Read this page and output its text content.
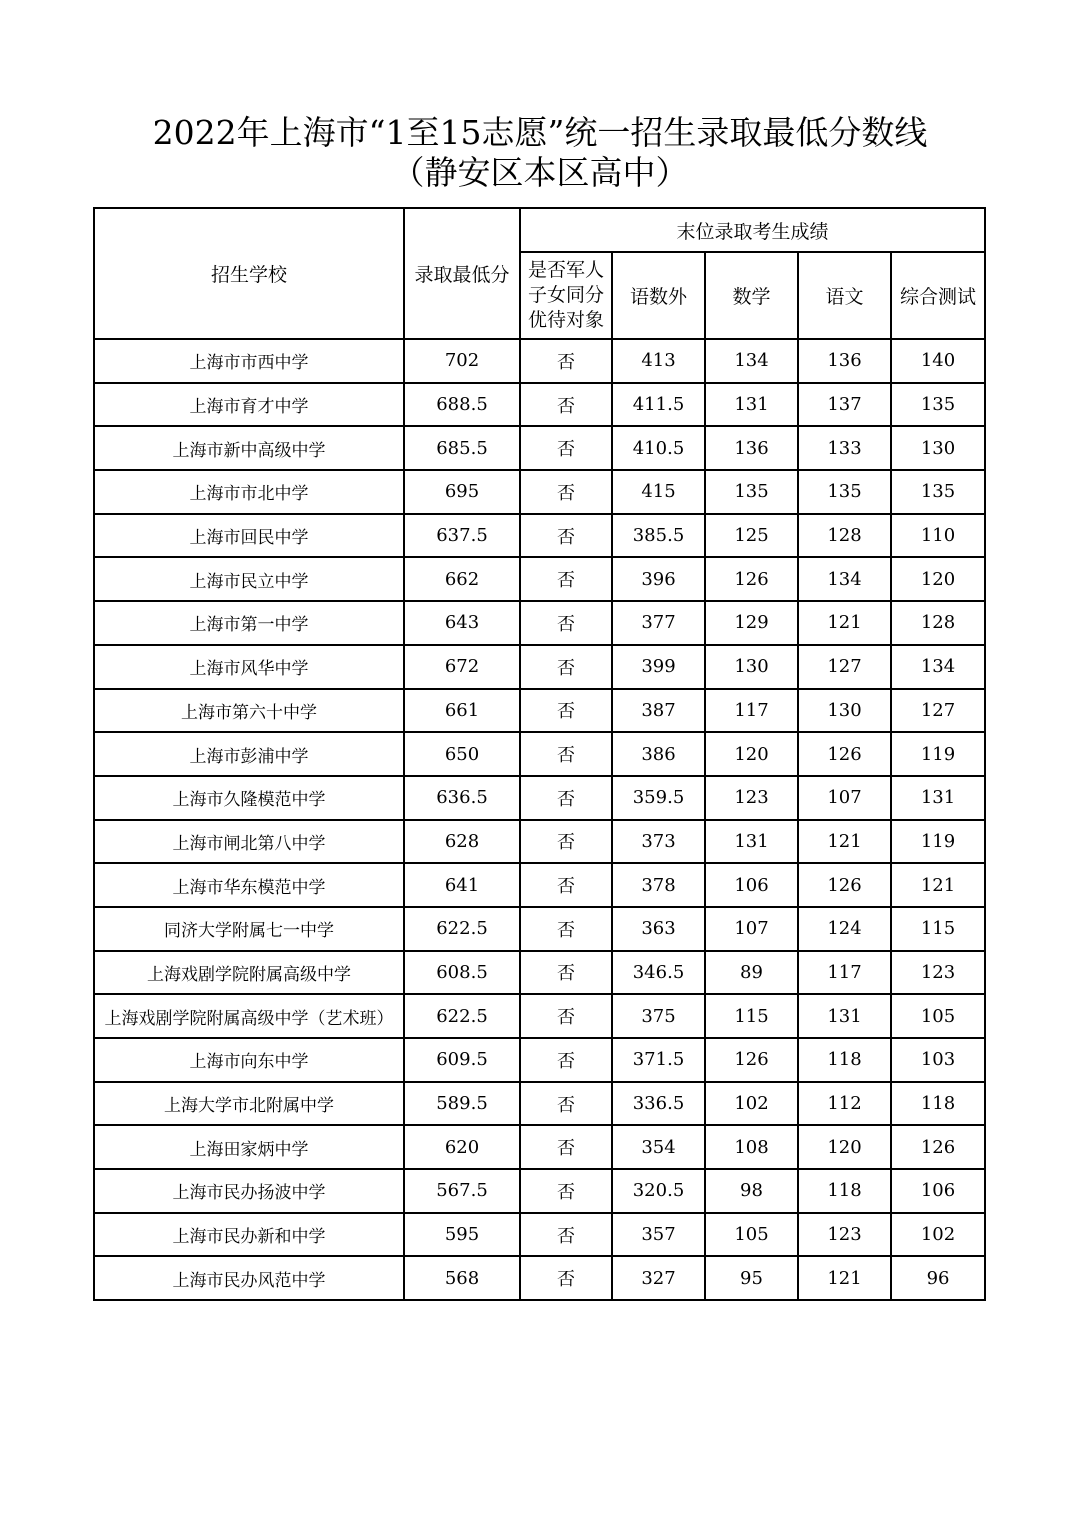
2022年上海市“1至15志愿”统一招生录取最低分数线
（静安区本区高中）
招生学校	录取最低分	末位录取考生成绩				
		是否军人子女同分优待对象	语数外	数学	语文	综合测试
上海市市西中学	702	否	413	134	136	140
上海市育才中学	688.5	否	411.5	131	137	135
上海市新中高级中学	685.5	否	410.5	136	133	130
上海市市北中学	695	否	415	135	135	135
上海市回民中学	637.5	否	385.5	125	128	110
上海市民立中学	662	否	396	126	134	120
上海市第一中学	643	否	377	129	121	128
上海市风华中学	672	否	399	130	127	134
上海市第六十中学	661	否	387	117	130	127
上海市彭浦中学	650	否	386	120	126	119
上海市久隆模范中学	636.5	否	359.5	123	107	131
上海市闸北第八中学	628	否	373	131	121	119
上海市华东模范中学	641	否	378	106	126	121
同济大学附属七一中学	622.5	否	363	107	124	115
上海戏剧学院附属高级中学	608.5	否	346.5	89	117	123
上海戏剧学院附属高级中学（艺术班）	622.5	否	375	115	131	105
上海市向东中学	609.5	否	371.5	126	118	103
上海大学市北附属中学	589.5	否	336.5	102	112	118
上海田家炳中学	620	否	354	108	120	126
上海市民办扬波中学	567.5	否	320.5	98	118	106
上海市民办新和中学	595	否	357	105	123	102
上海市民办风范中学	568	否	327	95	121	96
